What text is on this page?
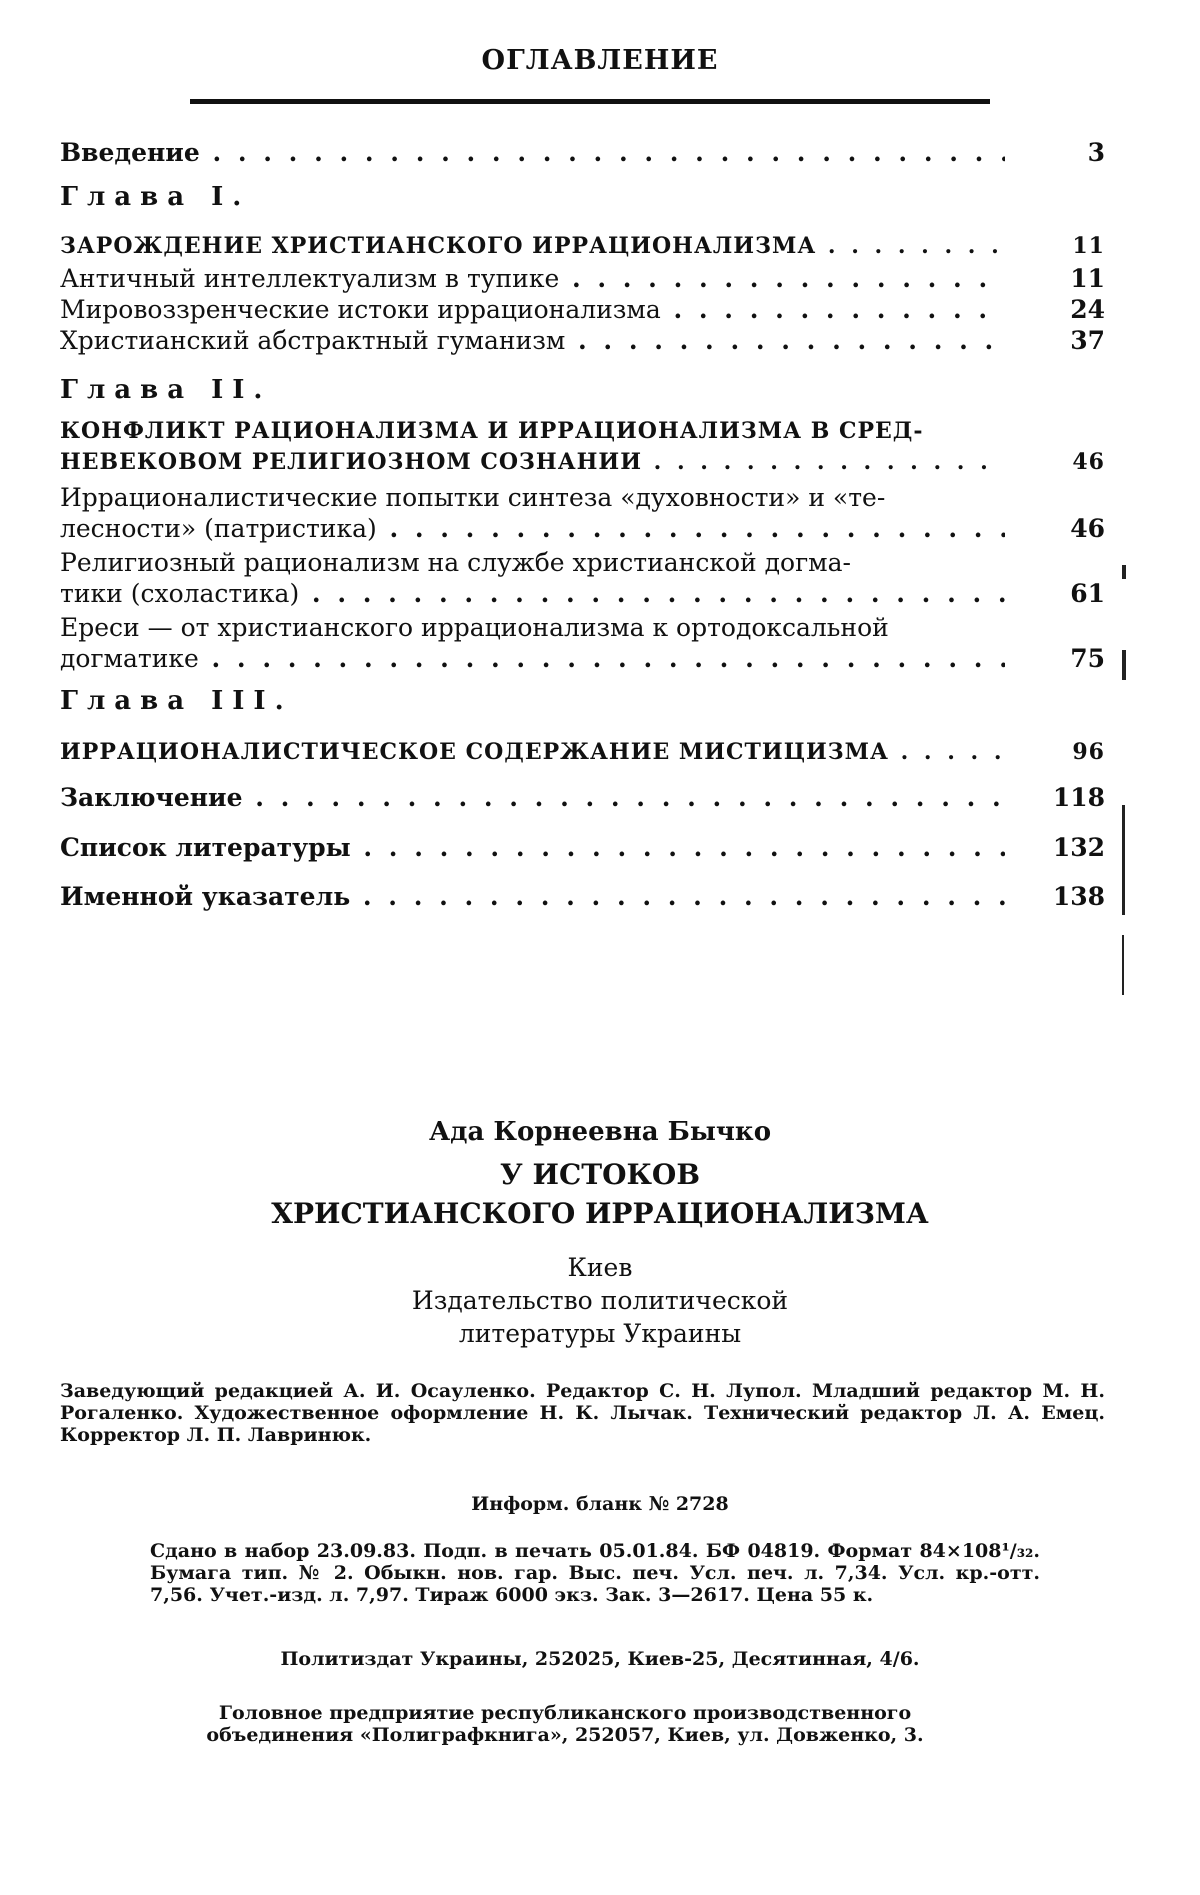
ОГЛАВЛЕНИЕ
Введение . . .	3
Глава I.
ЗАРОЖДЕНИЕ ХРИСТИАНСКОГО ИРРАЦИОНАЛИЗМА . . .	11
Античный интеллектуализм в тупике . . .	11
Мировоззренческие истоки иррационализма . . .	24
Христианский абстрактный гуманизм . . .	37
Глава II.
КОНФЛИКТ РАЦИОНАЛИЗМА И ИРРАЦИОНАЛИЗМА В СРЕД-
НЕВЕКОВОМ РЕЛИГИОЗНОМ СОЗНАНИИ . . .	46
Иррационалистические попытки синтеза «духовности» и «те-
лесности» (патристика) . . .	46
Религиозный рационализм на службе христианской догма-
тики (схоластика) . . .	61
Ереси — от христианского иррационализма к ортодоксальной
догматике . . .	75
Глава III.
ИРРАЦИОНАЛИСТИЧЕСКОЕ СОДЕРЖАНИЕ МИСТИЦИЗМА . . .	96
Заключение . . .	118
Список литературы . . .	132
Именной указатель . . .	138
Ада Корнеевна Бычко
У ИСТОКОВ
ХРИСТИАНСКОГО ИРРАЦИОНАЛИЗМА
Киев
Издательство политической
литературы Украины
Заведующий редакцией А. И. Осауленко. Редактор С. Н. Лупол. Младший редактор М. Н. Рогаленко. Художественное оформление Н. К. Лычак. Технический редактор Л. А. Емец. Корректор Л. П. Лавринюк.
Информ. бланк № 2728
Сдано в набор 23.09.83. Подп. в печать 05.01.84. БФ 04819. Формат 84×108¹/₃₂. Бумага тип. № 2. Обыкн. нов. гар. Выс. печ. Усл. печ. л. 7,34. Усл. кр.-отт. 7,56. Учет.-изд. л. 7,97. Тираж 6000 экз. Зак. 3—2617. Цена 55 к.
Политиздат Украины, 252025, Киев-25, Десятинная, 4/6.
Головное предприятие республиканского производственного объединения «Полиграфкнига», 252057, Киев, ул. Довженко, 3.
